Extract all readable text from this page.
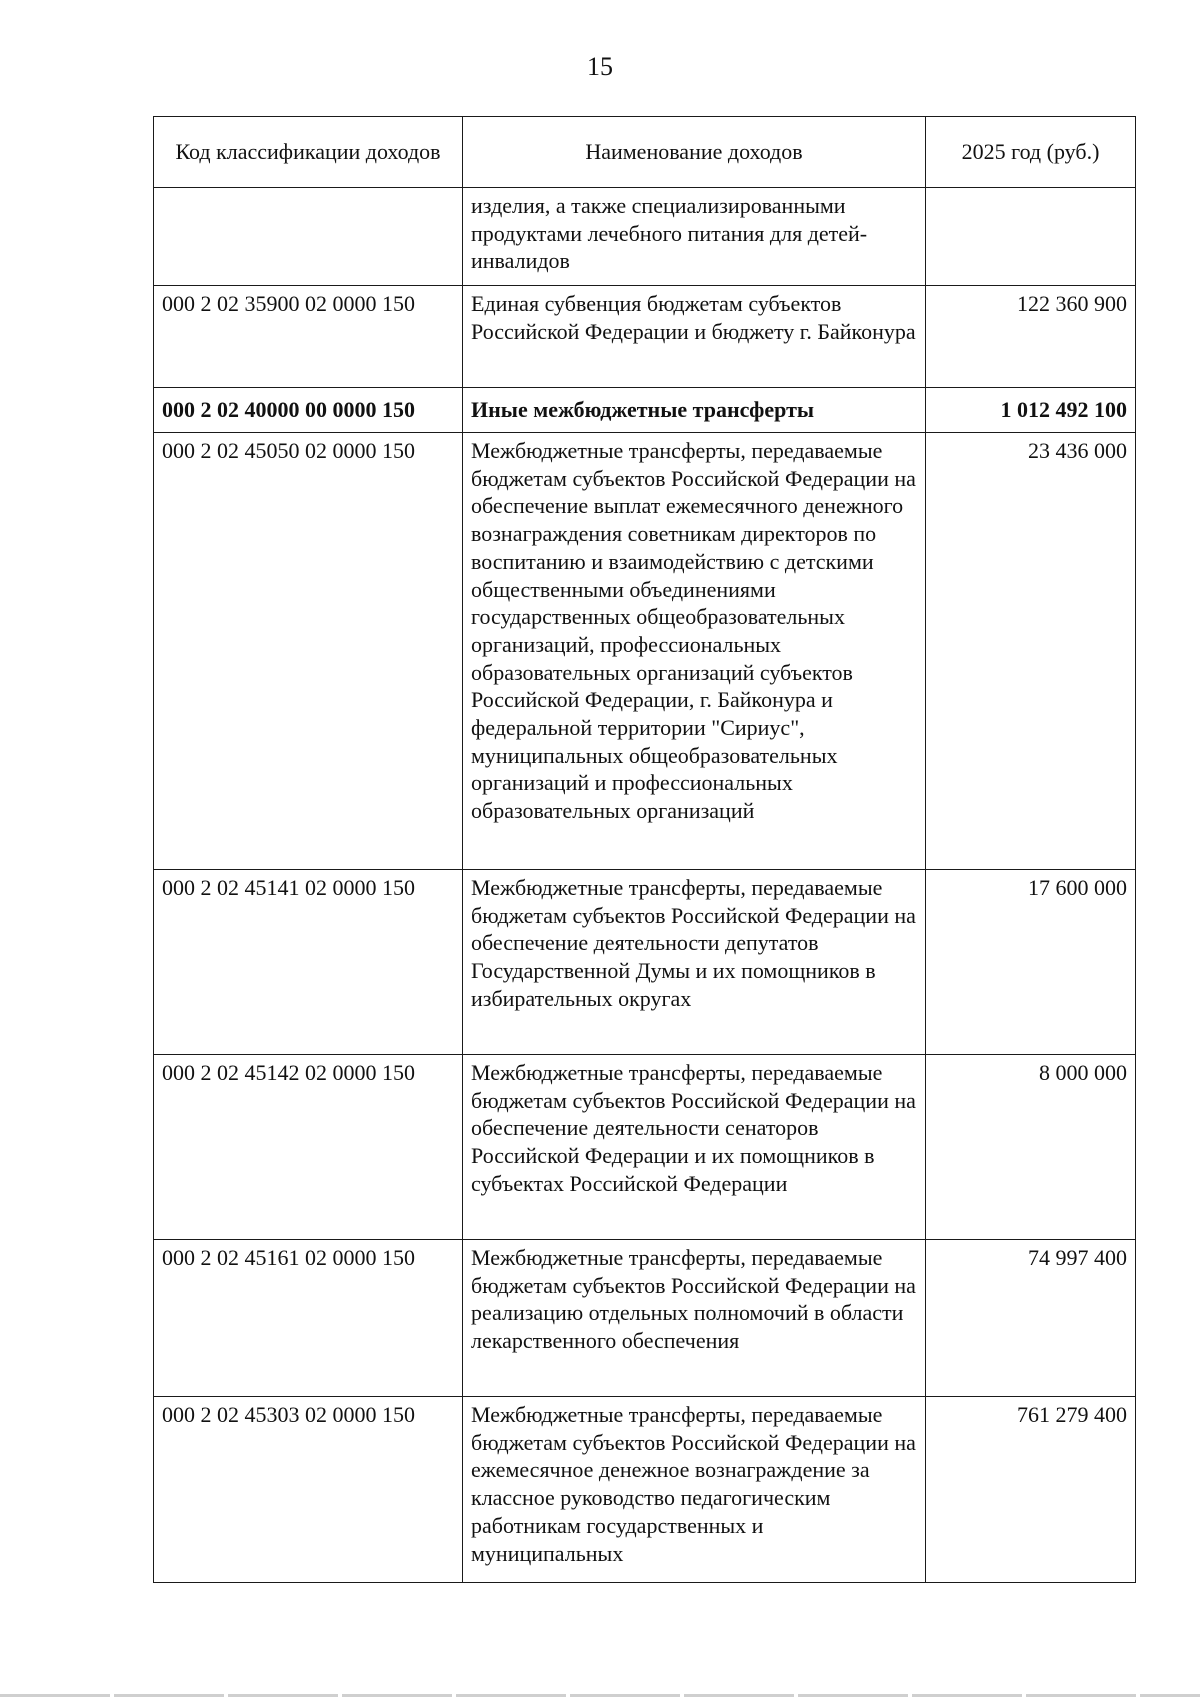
15
Код классификации доходов	Наименование доходов	2025 год (руб.)
	изделия, а также специализированными продуктами лечебного питания для детей-инвалидов	
000 2 02 35900 02 0000 150	Единая субвенция бюджетам субъектов Российской Федерации и бюджету г. Байконура	122 360 900
000 2 02 40000 00 0000 150	Иные межбюджетные трансферты	1 012 492 100
000 2 02 45050 02 0000 150	Межбюджетные трансферты, передаваемые бюджетам субъектов Российской Федерации на обеспечение выплат ежемесячного денежного вознаграждения советникам директоров по воспитанию и взаимодействию с детскими общественными объединениями государственных общеобразовательных организаций, профессиональных образовательных организаций субъектов Российской Федерации, г. Байконура и федеральной территории "Сириус", муниципальных общеобразовательных организаций и профессиональных образовательных организаций	23 436 000
000 2 02 45141 02 0000 150	Межбюджетные трансферты, передаваемые бюджетам субъектов Российской Федерации на обеспечение деятельности депутатов Государственной Думы и их помощников в избирательных округах	17 600 000
000 2 02 45142 02 0000 150	Межбюджетные трансферты, передаваемые бюджетам субъектов Российской Федерации на обеспечение деятельности сенаторов Российской Федерации и их помощников в субъектах Российской Федерации	8 000 000
000 2 02 45161 02 0000 150	Межбюджетные трансферты, передаваемые бюджетам субъектов Российской Федерации на реализацию отдельных полномочий в области лекарственного обеспечения	74 997 400
000 2 02 45303 02 0000 150	Межбюджетные трансферты, передаваемые бюджетам субъектов Российской Федерации на ежемесячное денежное вознаграждение за классное руководство педагогическим работникам государственных и муниципальных	761 279 400
